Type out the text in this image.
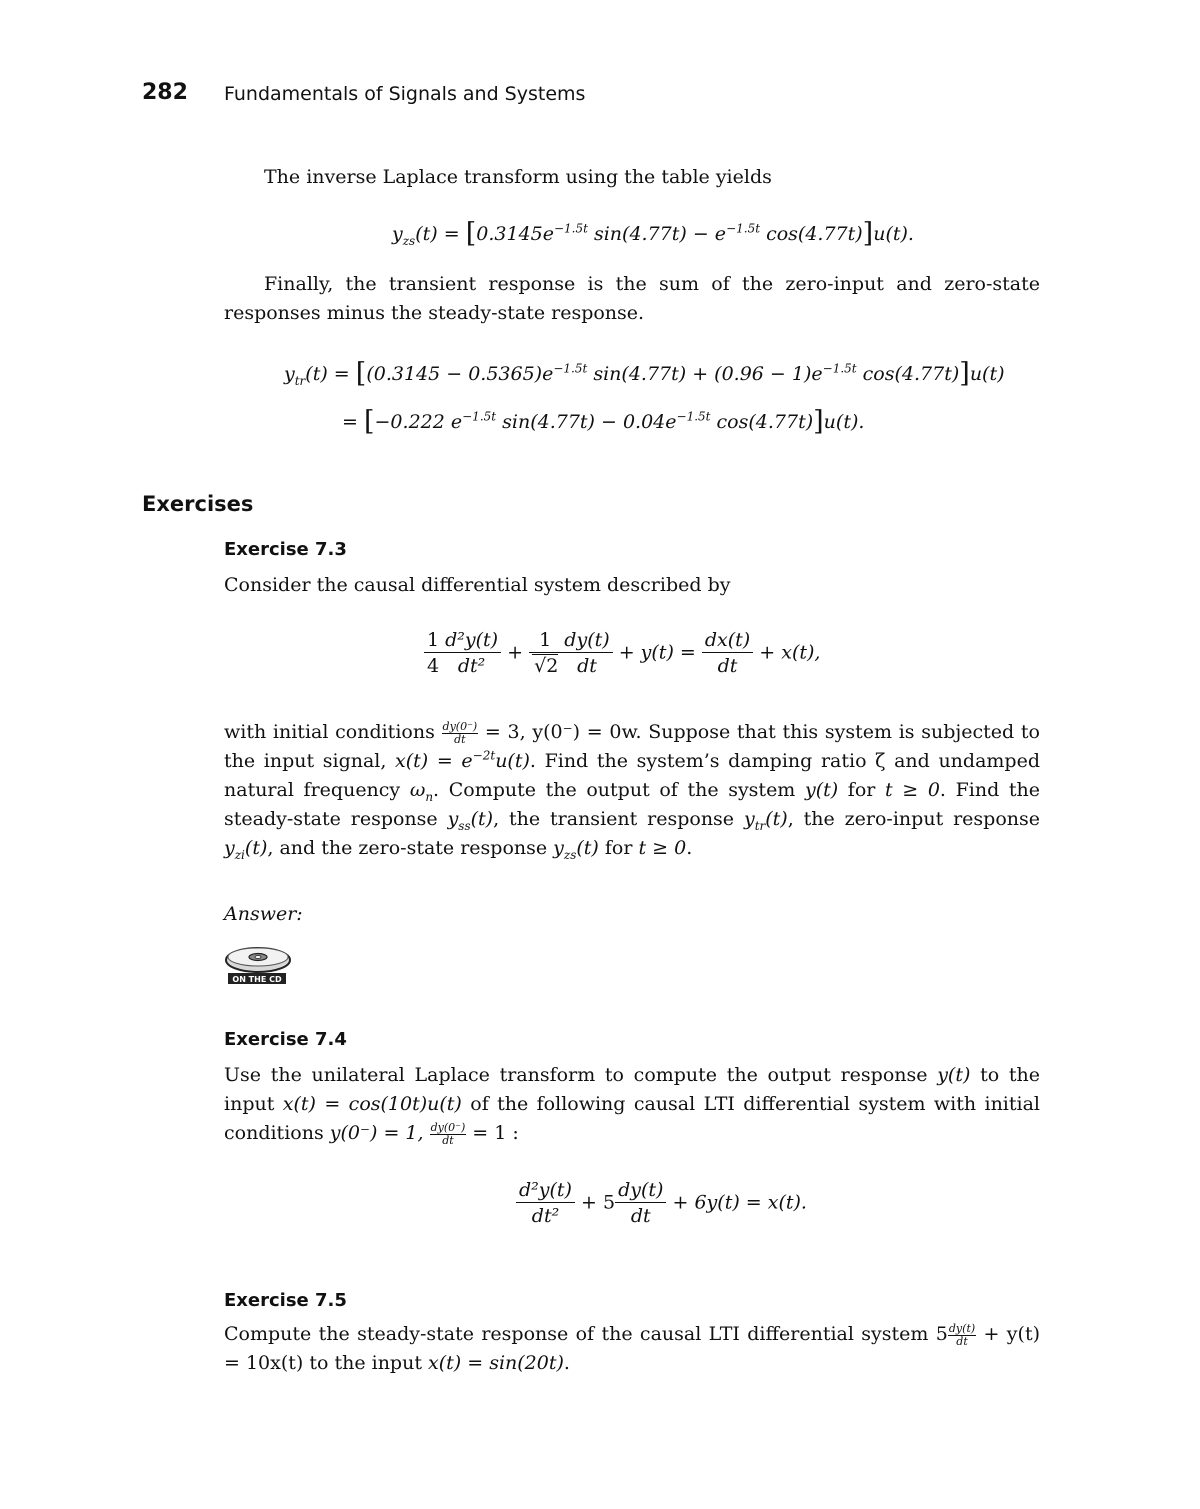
282 Fundamentals of Signals and Systems
The inverse Laplace transform using the table yields
$y_{zs}(t) = [0.3145e^{-1.5t}$ $\sin(4.77t) - e^{-1.5t}$ cos(4.77t)]u(t).
Finally, the transient response is the sum of the zero-input and zero-state responses minus the steady-state response.
$y_{tr}(t) = [(0.3145 - 0.5365)e^{-1.5t}$ $\sin(4.77t) + (0.96 - 1)e^{-1.5t}$ cos(4.77t)]u(t)
= [−0.222 $e^{-1.5t}$ $\sin(4.77t) - 0.04e^{-1.5t}$ cos(4.77t)]u(t).
Exercises
Exercise 7.3
Consider the causal differential system described by
$\frac{1}{4} \frac{\text{d²y(t)}}{\text{dt²}} + \frac{1}{√2} \frac{dy(t)}{dt} + y(t) = \frac{dx(t)}{dt} + x(t)$,
with initial conditions $\frac{dy(0^-)}{dt} = 3$, y(0⁻) = 0w. Suppose that this system is subjected to the input signal, $x(t) = e^{-2t}u(t)$. Find the system’s damping ratio ζ and undamped natural frequency $\omega_n$. Compute the output of the system y(t) for t ≥ 0. Find the steady-state response $y_{ss}(t)$, the transient response $y_{tr}(t)$, the zero-input response $y_{zi}(t)$, and the zero-state response $y_{zs}(t)$ for t ≥ 0.
Answer:
ON THE CD
Exercise 7.4
Use the unilateral Laplace transform to compute the output response y(t) to the input x(t) = cos(10t)u(t) of the following causal LTI differential system with initial conditions y(0⁻) = 1, $\frac{dy(0^-)}{dt} = 1$ :
$\frac{\text{d²y(t)}}{\text{dt²}} + 5 \frac{dy(t)}{dt} + 6y(t) = x(t)$.
Exercise 7.5
Compute the steady-state response of the causal LTI differential system $5 \frac{dy(t)}{dt} + y(t) = 10x(t)$ to the input x(t) = sin(20t).
